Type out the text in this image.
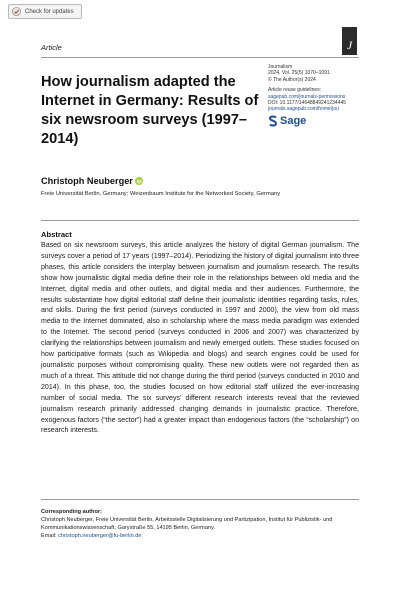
Check for updates
Article	J
How journalism adapted the Internet in Germany: Results of six newsroom surveys (1997–2014)
Journalism
2024, Vol. 25(5) 1070–1091
© The Author(s) 2024
Article reuse guidelines:
sagepub.com/journals-permissions
DOI: 10.1177/14648849241234445
journals.sagepub.com/home/jou
Sage
Christoph Neuberger
Freie Universität Berlin, Germany; Weizenbaum Institute for the Networked Society, Germany
Abstract

Based on six newsroom surveys, this article analyzes the history of digital German journalism. The surveys cover a period of 17 years (1997–2014). Periodizing the history of digital journalism into three phases, this article considers the interplay between journalism and journalism research. The results show how journalistic digital media define their role in the relationships between old media and the Internet, digital media and other outlets, and digital media and their audiences. Furthermore, the results substantiate how digital editorial staff define their journalistic identities regarding tasks, rules, and skills. During the first period (surveys conducted in 1997 and 2000), the view from old mass media to the Internet dominated, also in scholarship where the mass media paradigm was extended to the Internet. The second period (surveys conducted in 2006 and 2007) was characterized by clarifying the relationships between journalism and newly emerged outlets. These studies focused on how participative formats (such as Wikipedia and blogs) and search engines could be used for journalistic purposes without compromising quality. These new outlets were not regarded then as much of a threat. This attitude did not change during the third period (surveys conducted in 2010 and 2014). In this phase, too, the studies focused on how editorial staff utilized the ever-increasing number of social media. The six surveys’ different research interests reveal that the reviewed journalism research primarily addressed changing demands in journalistic practice. Therefore, exogenous factors (“the sector”) had a greater impact than endogenous factors (the “scholarship”) on research interests.

Corresponding author:
Christoph Neuberger, Freie Universität Berlin, Arbeitsstelle Digitalisierung und Partizipation, Institut für Publizistik- und Kommunikationswissenschaft, Garystraße 55, 14195 Berlin, Germany.
Email: christoph.neuberger@fu-berlin.de
